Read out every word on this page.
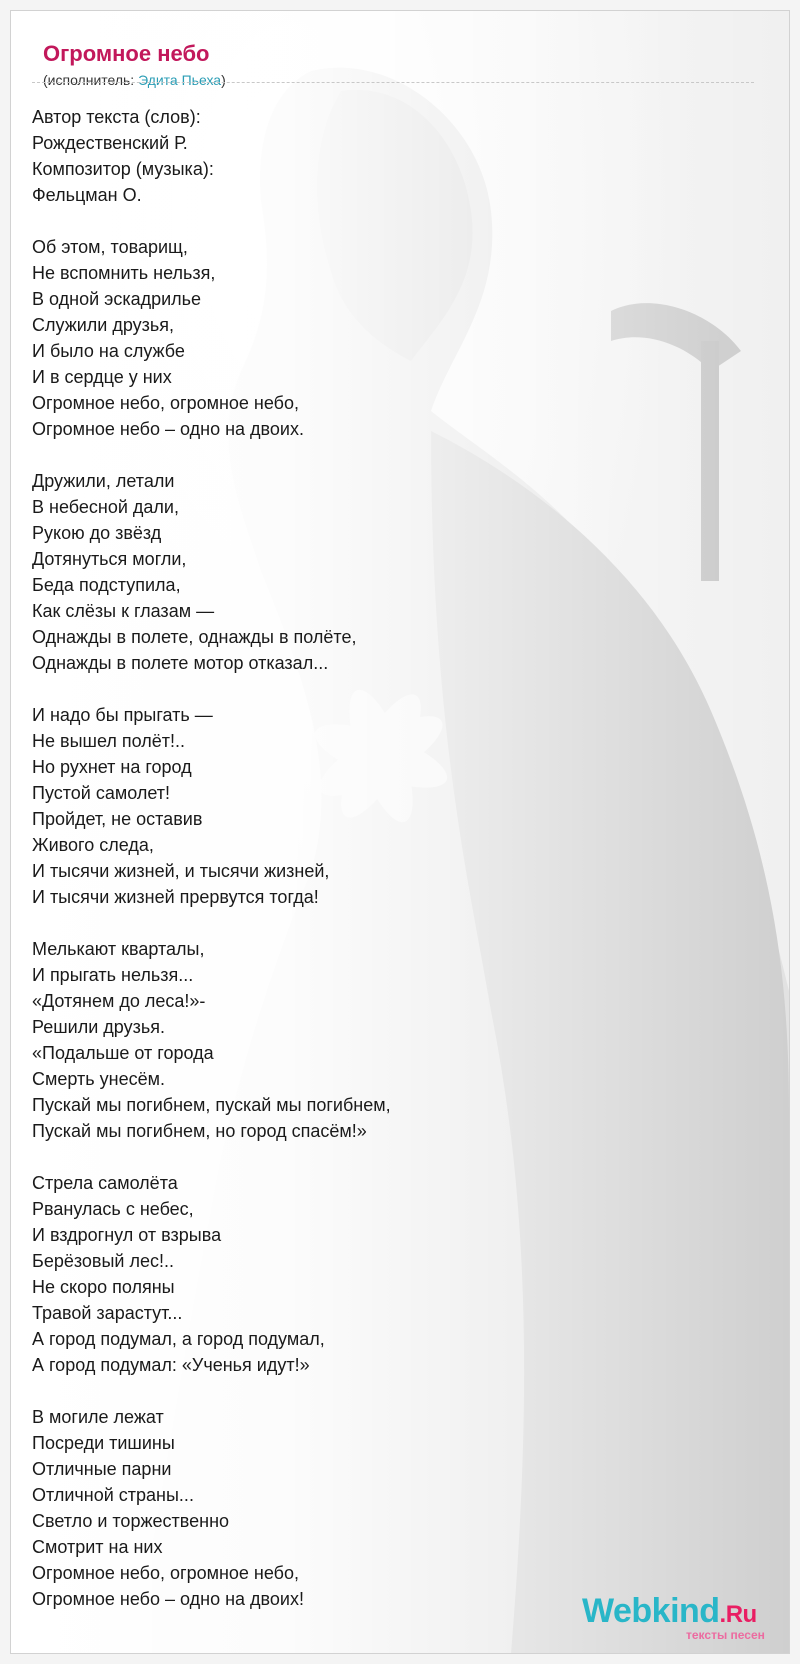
Огромное небо
(исполнитель: Эдита Пьеха)
Автор текста (слов):
Рождественский Р.
Композитор (музыка):
Фельцман О.
Об этом, товарищ,
Не вспомнить нельзя,
В одной эскадрилье
Служили друзья,
И было на службе
И в сердце у них
Огромное небо, огромное небо,
Огромное небо – одно на двоих.
Дружили, летали
В небесной дали,
Рукою до звёзд
Дотянуться могли,
Беда подступила,
Как слёзы к глазам —
Однажды в полете, однажды в полёте,
Однажды в полете мотор отказал...
И надо бы прыгать —
Не вышел полёт!..
Но рухнет на город
Пустой самолет!
Пройдет, не оставив
Живого следа,
И тысячи жизней, и тысячи жизней,
И тысячи жизней прервутся тогда!
Мелькают кварталы,
И прыгать нельзя...
«Дотянем до леса!»-
Решили друзья.
«Подальше от города
Смерть унесём.
Пускай мы погибнем, пускай мы погибнем,
Пускай мы погибнем, но город спасём!»
Стрела самолёта
Рванулась с небес,
И вздрогнул от взрыва
Берёзовый лес!..
Не скоро поляны
Травой зарастут...
А город подумал, а город подумал,
А город подумал: «Ученья идут!»
В могиле лежат
Посреди тишины
Отличные парни
Отличной страны...
Светло и торжественно
Смотрит на них
Огромное небо, огромное небо,
Огромное небо – одно на двоих!	Webkind.Ru
тексты песен
